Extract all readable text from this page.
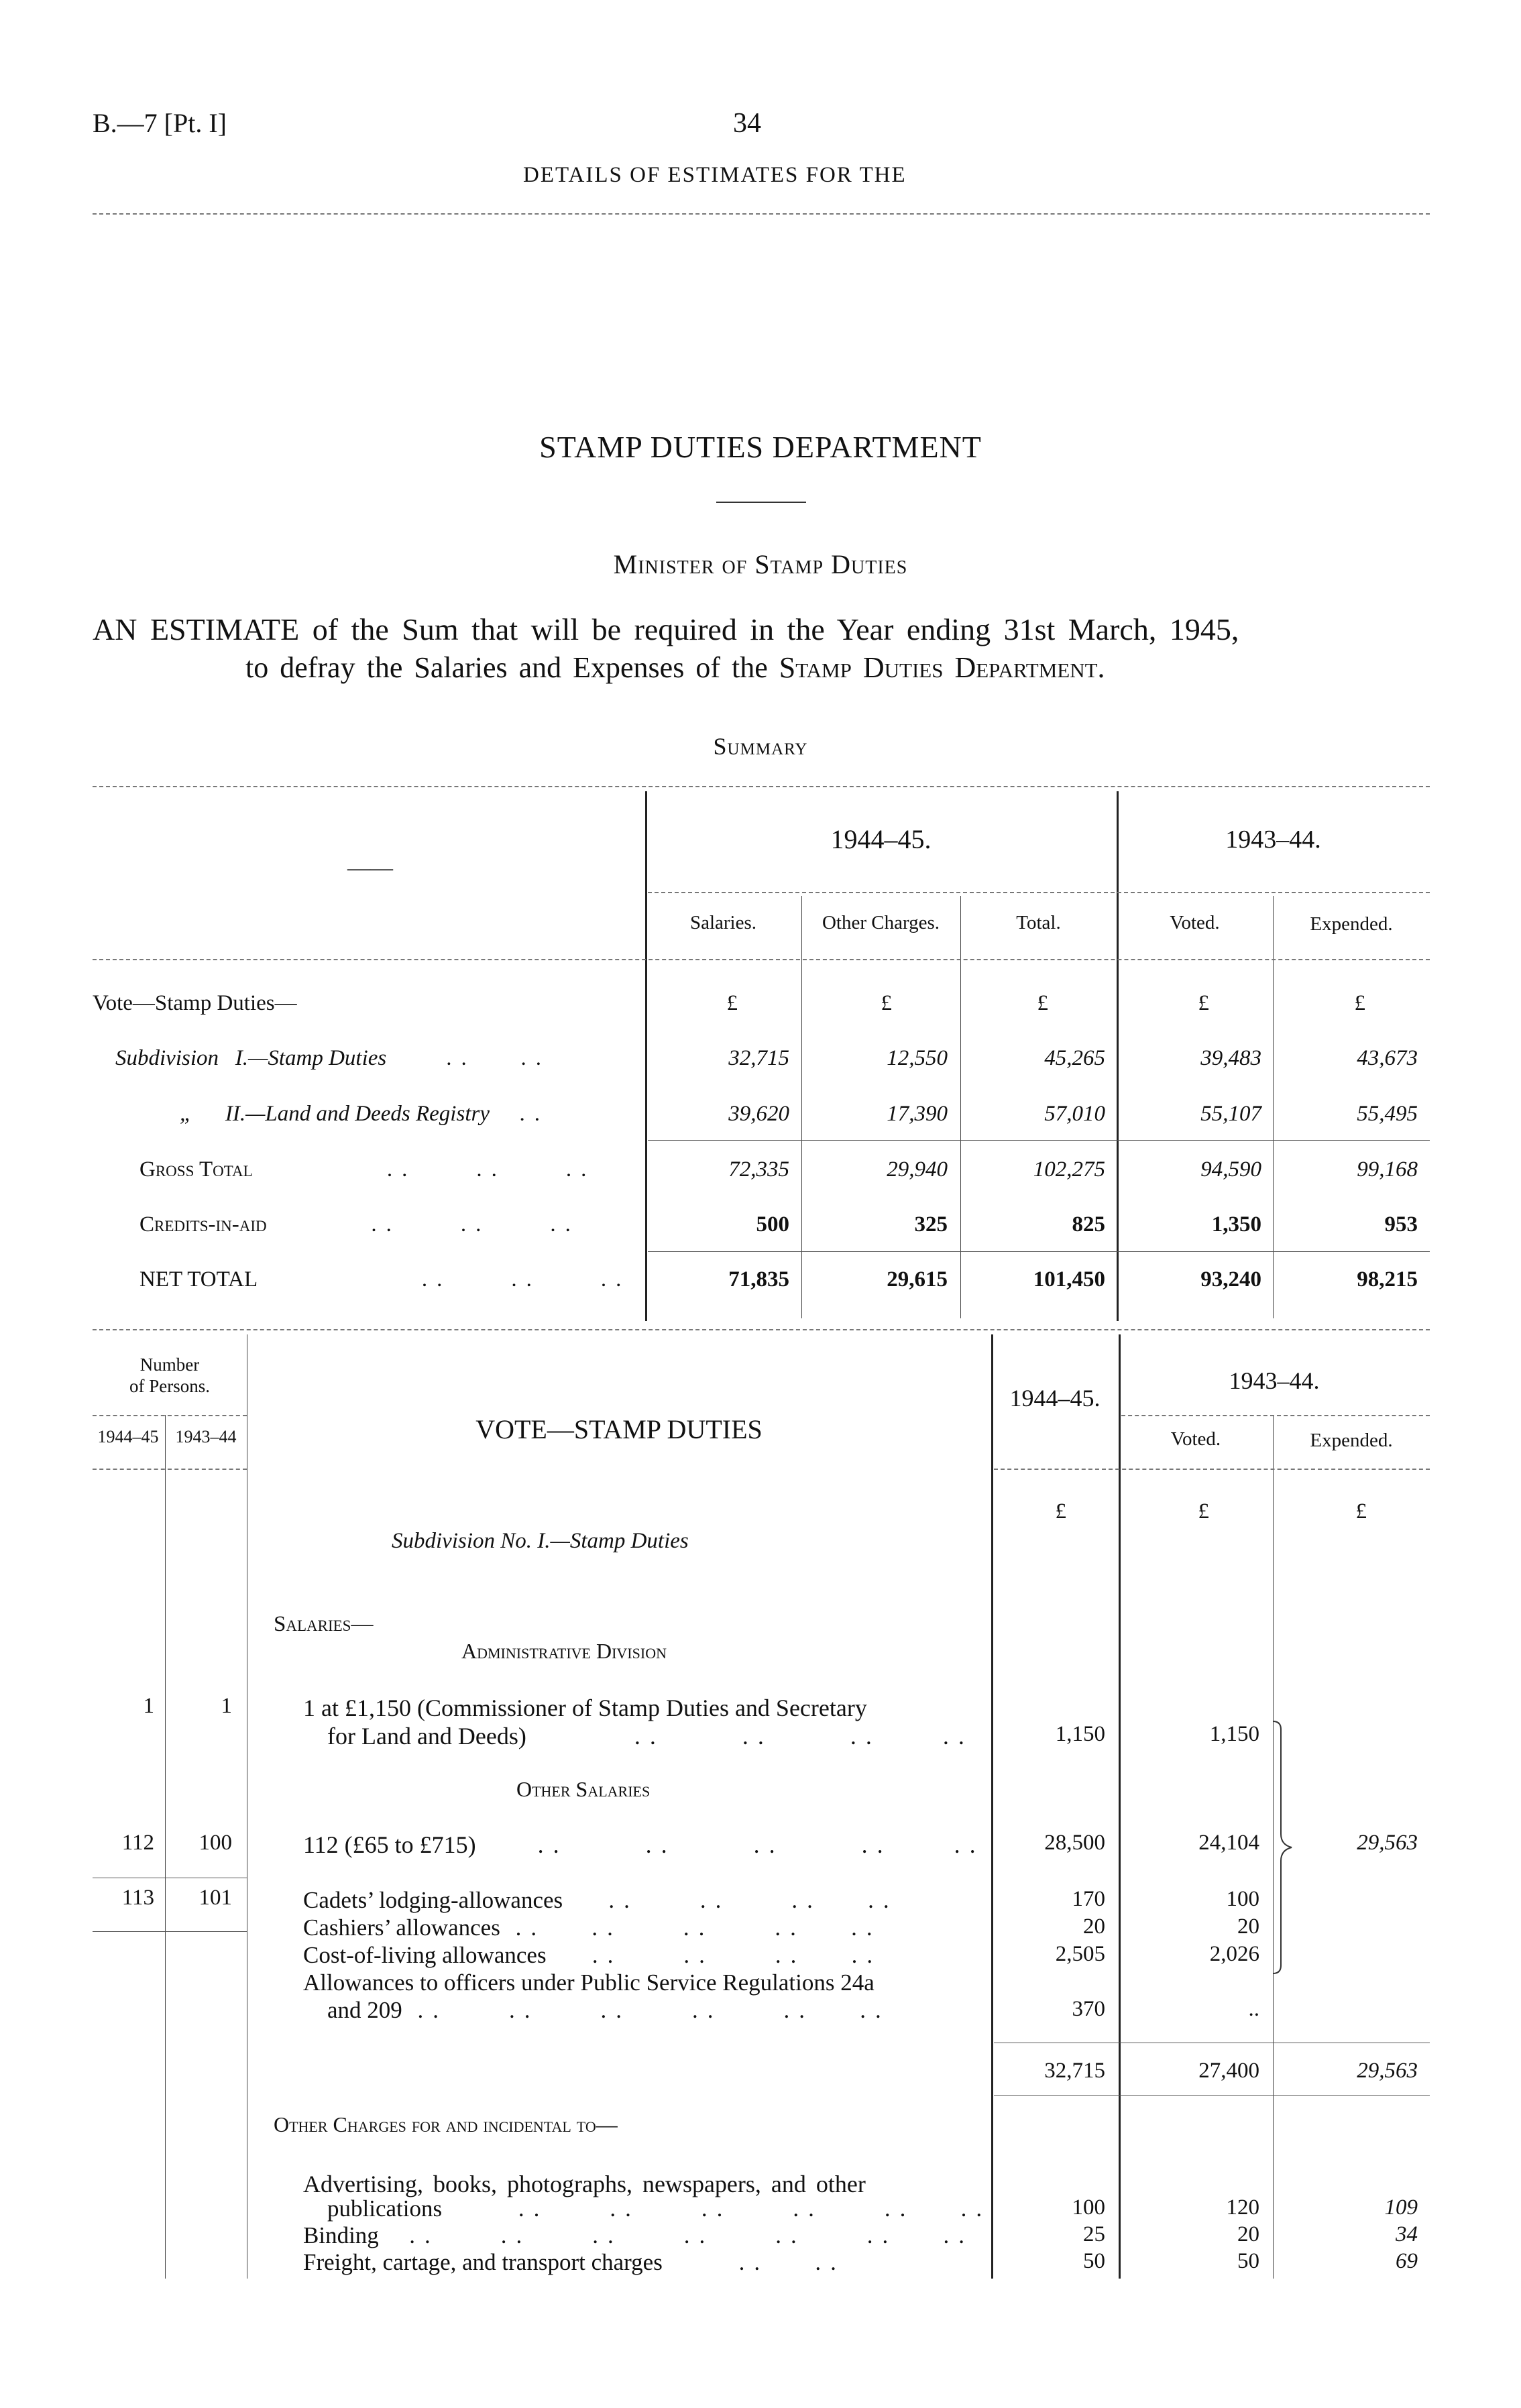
B.—7 [Pt. I]	34
DETAILS OF ESTIMATES FOR THE
STAMP DUTIES DEPARTMENT
Minister of Stamp Duties
AN ESTIMATE of the Sum that will be required in the Year ending 31st March, 1945,
to defray the Salaries and Expenses of the Stamp Duties Department.
Summary
——
1944–45.	1943–44.
Salaries.	Other Charges.	Total.	Voted.	Expended.
Vote—Stamp Duties—	£	£	£	£	£
Subdivision I.—Stamp Duties    ..   ..	32,715	12,550	45,265	39,483	43,673
„ II.—Land and Deeds Registry  ..	39,620	17,390	57,010	55,107	55,495
Gross Total         ..    ..    ..	72,335	29,940	102,275	94,590	99,168
Credits-in-aid       ..    ..    ..	500	325	825	1,350	953
NET TOTAL           ..    ..    ..	71,835	29,615	101,450	93,240	98,215
Number
of Persons.
1944–45 1943–44	VOTE—STAMP DUTIES
1944–45.
1943–44.
Voted.	Expended.
£	£	£
Subdivision No. I.—Stamp Duties
Salaries—
Administrative Division
1	1	1 at £1,150 (Commissioner of Stamp Duties and Secretary
for Land and Deeds)       ..     ..     ..    ..	1,150	1,150
Other Salaries
112	100	112 (£65 to £715)    ..     ..     ..     ..    ..	28,500	24,104	29,563
113	101	Cadets’ lodging-allowances   ..    ..    ..   ..	170	100
Cashiers’ allowances ..   ..    ..    ..   ..	20	20
Cost-of-living allowances   ..    ..    ..   ..	2,505	2,026
Allowances to officers under Public Service Regulations 24a
and 209 ..    ..    ..    ..    ..   ..	370	..
32,715	27,400	29,563
Other Charges for and incidental to—
Advertising, books, photographs, newspapers, and other
publications     ..    ..    ..    ..    ..   ..	100	120	109
Binding  ..    ..    ..    ..    ..    ..   ..	25	20	34
Freight, cartage, and transport charges     ..   ..	50	50	69
